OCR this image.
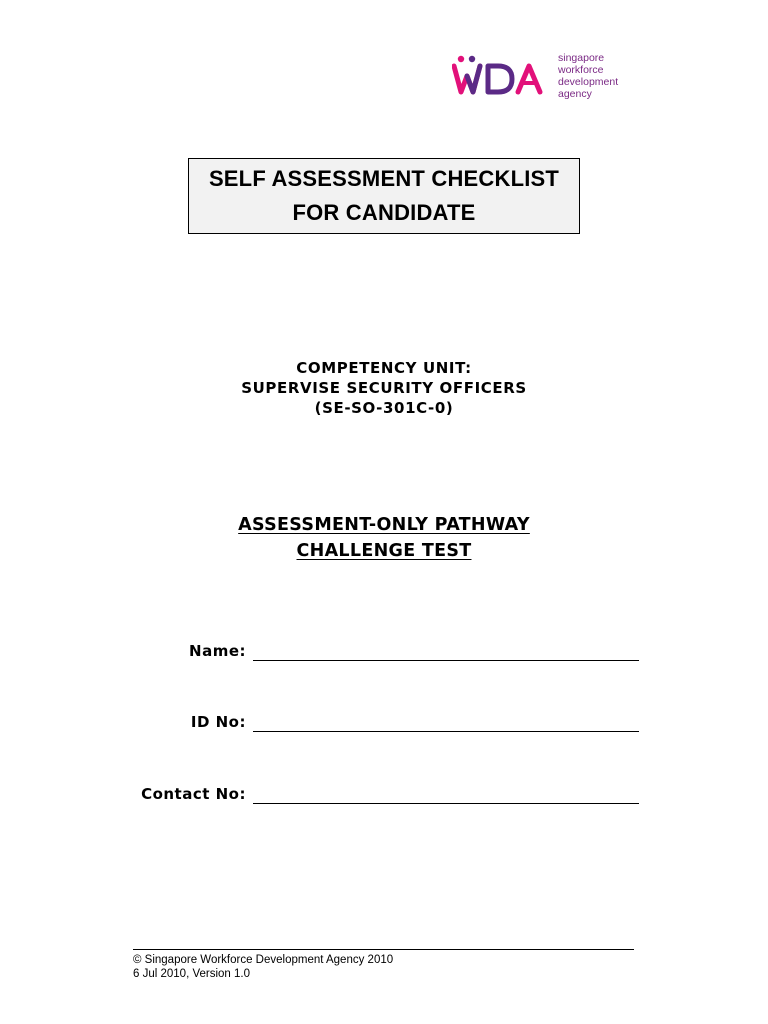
singapore
workforce
development
agency
SELF ASSESSMENT CHECKLIST
FOR CANDIDATE
COMPETENCY UNIT:
SUPERVISE SECURITY OFFICERS
(SE-SO-301C-0)
ASSESSMENT-ONLY PATHWAY
CHALLENGE TEST
Name:
ID No:
Contact No:
© Singapore Workforce Development Agency 2010
6 Jul 2010, Version 1.0
